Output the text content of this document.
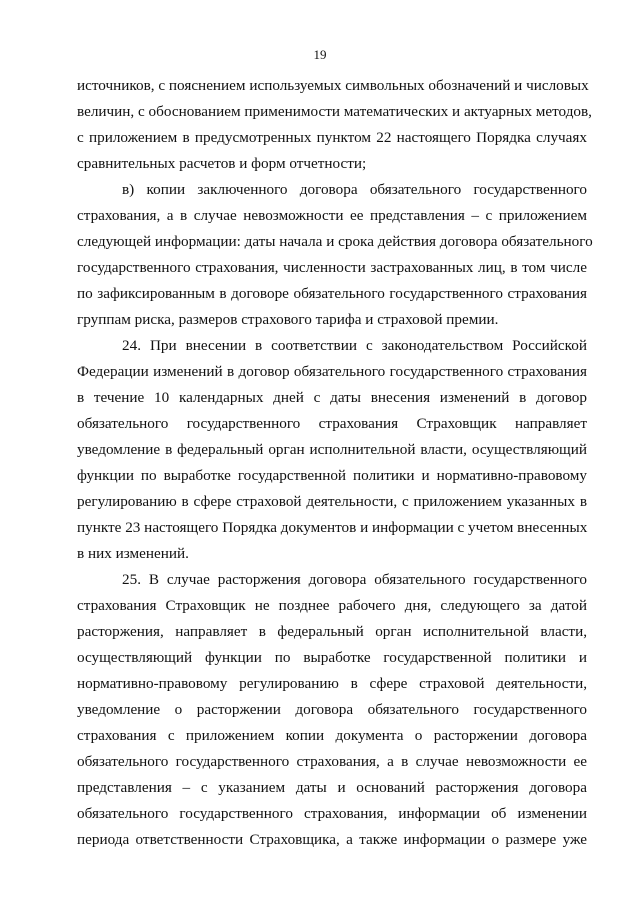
19
источников, с пояснением используемых символьных обозначений и числовых
величин, с обоснованием применимости математических и актуарных методов,
с приложением в предусмотренных пунктом 22 настоящего Порядка случаях
сравнительных расчетов и форм отчетности;
в) копии заключенного договора обязательного государственного
страхования, а в случае невозможности ее представления – с приложением
следующей информации: даты начала и срока действия договора обязательного
государственного страхования, численности застрахованных лиц, в том числе
по зафиксированным в договоре обязательного государственного страхования
группам риска, размеров страхового тарифа и страховой премии.
24. При внесении в соответствии с законодательством Российской
Федерации изменений в договор обязательного государственного страхования
в течение 10 календарных дней с даты внесения изменений в договор
обязательного государственного страхования Страховщик направляет
уведомление в федеральный орган исполнительной власти, осуществляющий
функции по выработке государственной политики и нормативно-правовому
регулированию в сфере страховой деятельности, с приложением указанных в
пункте 23 настоящего Порядка документов и информации с учетом внесенных
в них изменений.
25. В случае расторжения договора обязательного государственного
страхования Страховщик не позднее рабочего дня, следующего за датой
расторжения, направляет в федеральный орган исполнительной власти,
осуществляющий функции по выработке государственной политики и
нормативно-правовому регулированию в сфере страховой деятельности,
уведомление о расторжении договора обязательного государственного
страхования с приложением копии документа о расторжении договора
обязательного государственного страхования, а в случае невозможности ее
представления – с указанием даты и оснований расторжения договора
обязательного государственного страхования, информации об изменении
периода ответственности Страховщика, а также информации о размере уже
